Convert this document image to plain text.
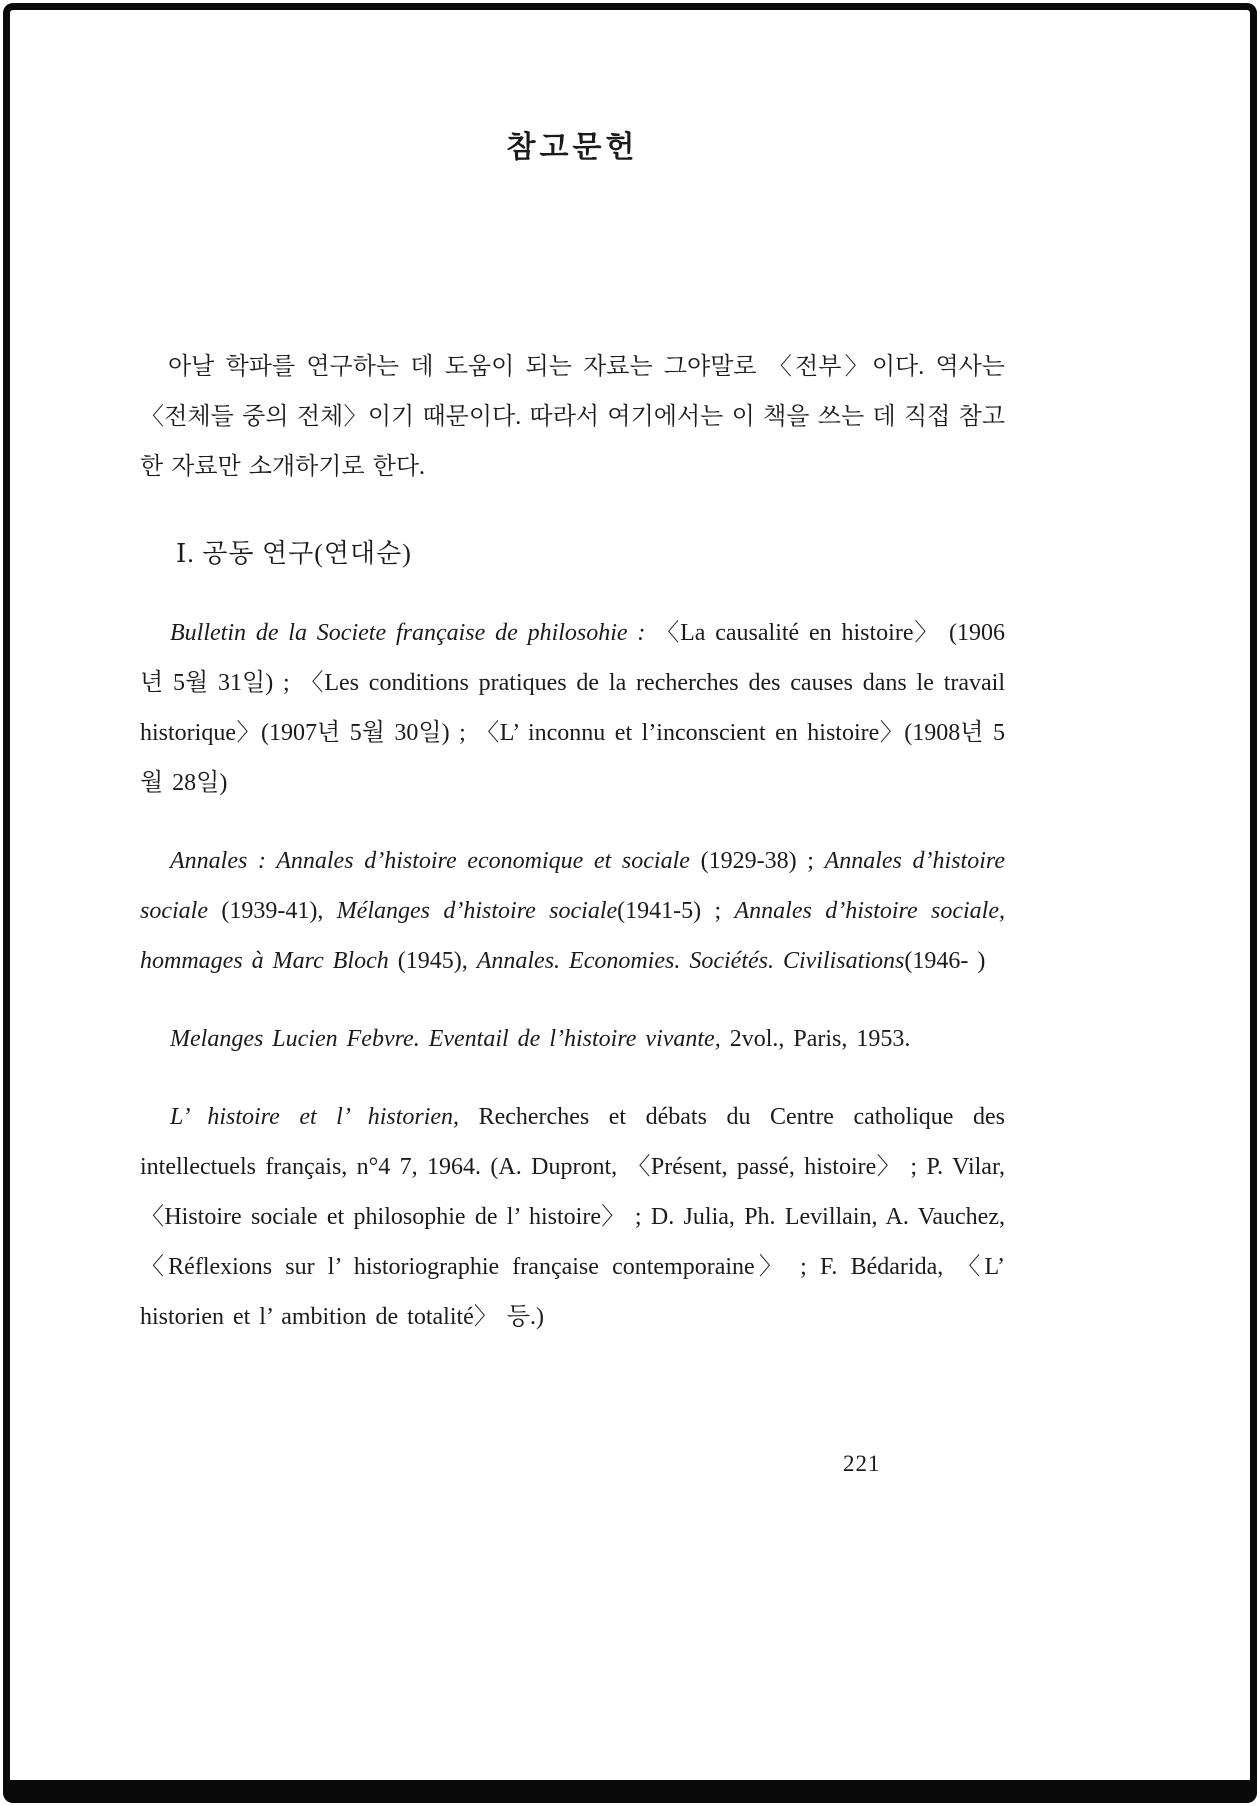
참고문헌

아날 학파를 연구하는 데 도움이 되는 자료는 그야말로 〈전부〉이다. 역사는 〈전체들 중의 전체〉이기 때문이다. 따라서 여기에서는 이 책을 쓰는 데 직접 참고한 자료만 소개하기로 한다.

Ⅰ. 공동 연구(연대순)

Bulletin de la Societe française de philosohie : 〈La causalité en histoire〉 (1906년 5월 31일) ; 〈Les conditions pratiques de la recherches des causes dans le travail historique〉(1907년 5월 30일) ; 〈L’ inconnu et l’inconscient en histoire〉(1908년 5월 28일)

Annales : Annales d’histoire economique et sociale (1929-38) ; Annales d’histoire sociale (1939-41), Mélanges d’histoire sociale(1941-5) ; Annales d’histoire sociale, hommages à Marc Bloch (1945), Annales. Economies. Sociétés. Civilisations(1946- )

Melanges Lucien Febvre. Eventail de l’histoire vivante, 2vol., Paris, 1953.

L’ histoire et l’ historien, Recherches et débats du Centre catholique des intellectuels français, n°4 7, 1964. (A. Dupront, 〈Présent, passé, histoire〉 ; P. Vilar, 〈Histoire sociale et philosophie de l’ histoire〉 ; D. Julia, Ph. Levillain, A. Vauchez, 〈Réflexions sur l’ historiographie française contemporaine〉 ; F. Bédarida, 〈L’ historien et l’ ambition de totalité〉 등.)

221
